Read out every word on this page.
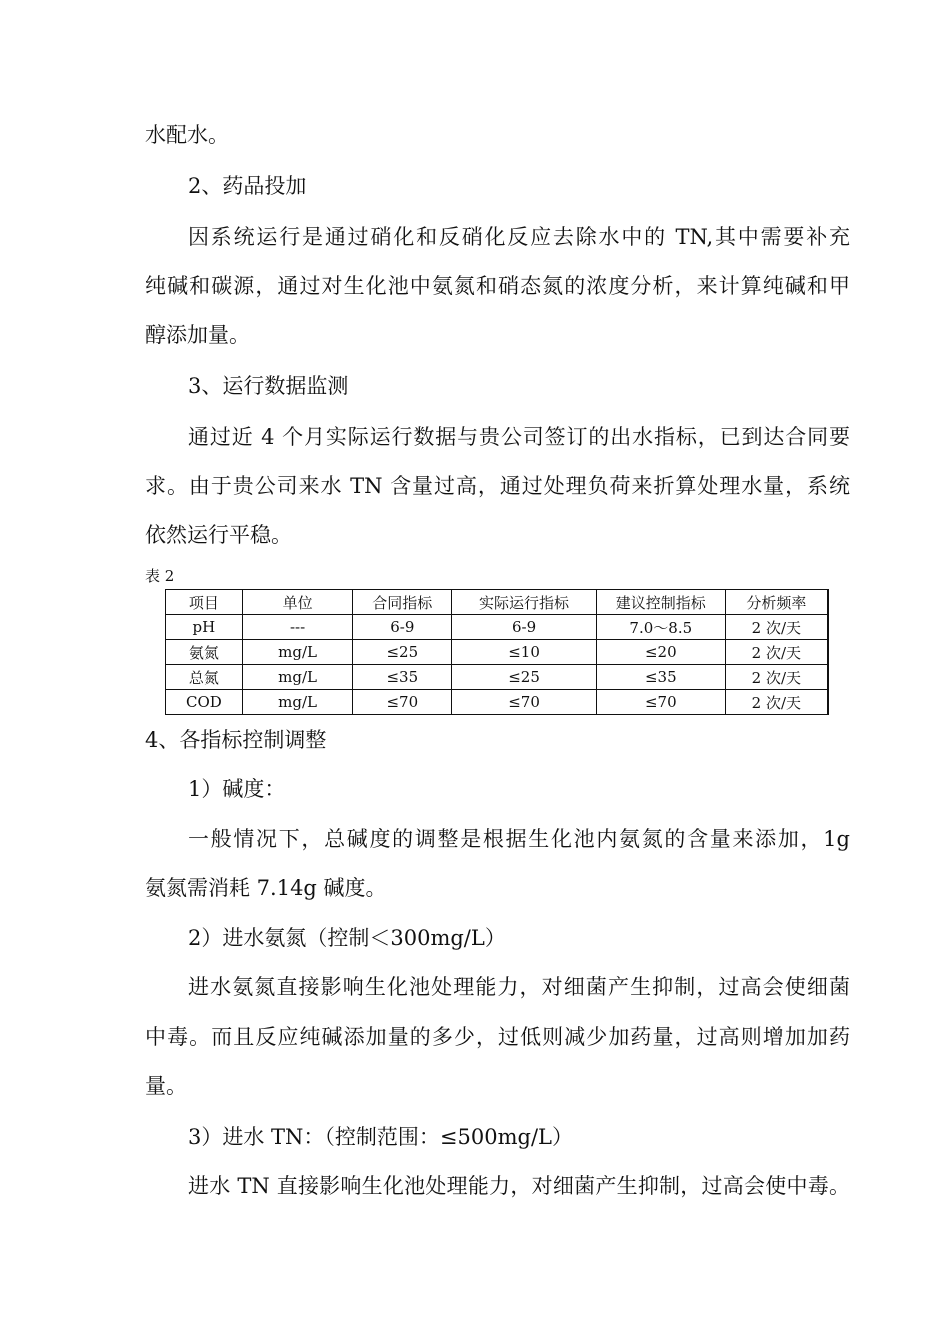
水配水。
2、药品投加
因系统运行是通过硝化和反硝化反应去除水中的 TN,其中需要补充
纯碱和碳源，通过对生化池中氨氮和硝态氮的浓度分析，来计算纯碱和甲
醇添加量。
3、运行数据监测
通过近 4 个月实际运行数据与贵公司签订的出水指标，已到达合同要
求。由于贵公司来水 TN 含量过高，通过处理负荷来折算处理水量，系统
依然运行平稳。
表 2
项目	单位	合同指标	实际运行指标	建议控制指标	分析频率
pH	---	6-9	6-9	7.0～8.5	2 次/天
氨氮	mg/L	≤25	≤10	≤20	2 次/天
总氮	mg/L	≤35	≤25	≤35	2 次/天
COD	mg/L	≤70	≤70	≤70	2 次/天
4、各指标控制调整
1）碱度：
一般情况下，总碱度的调整是根据生化池内氨氮的含量来添加，1g
氨氮需消耗 7.14g 碱度。
2）进水氨氮（控制＜300mg/L）
进水氨氮直接影响生化池处理能力，对细菌产生抑制，过高会使细菌
中毒。而且反应纯碱添加量的多少，过低则减少加药量，过高则增加加药
量。
3）进水 TN：（控制范围：≤500mg/L）
进水 TN 直接影响生化池处理能力，对细菌产生抑制，过高会使中毒。
